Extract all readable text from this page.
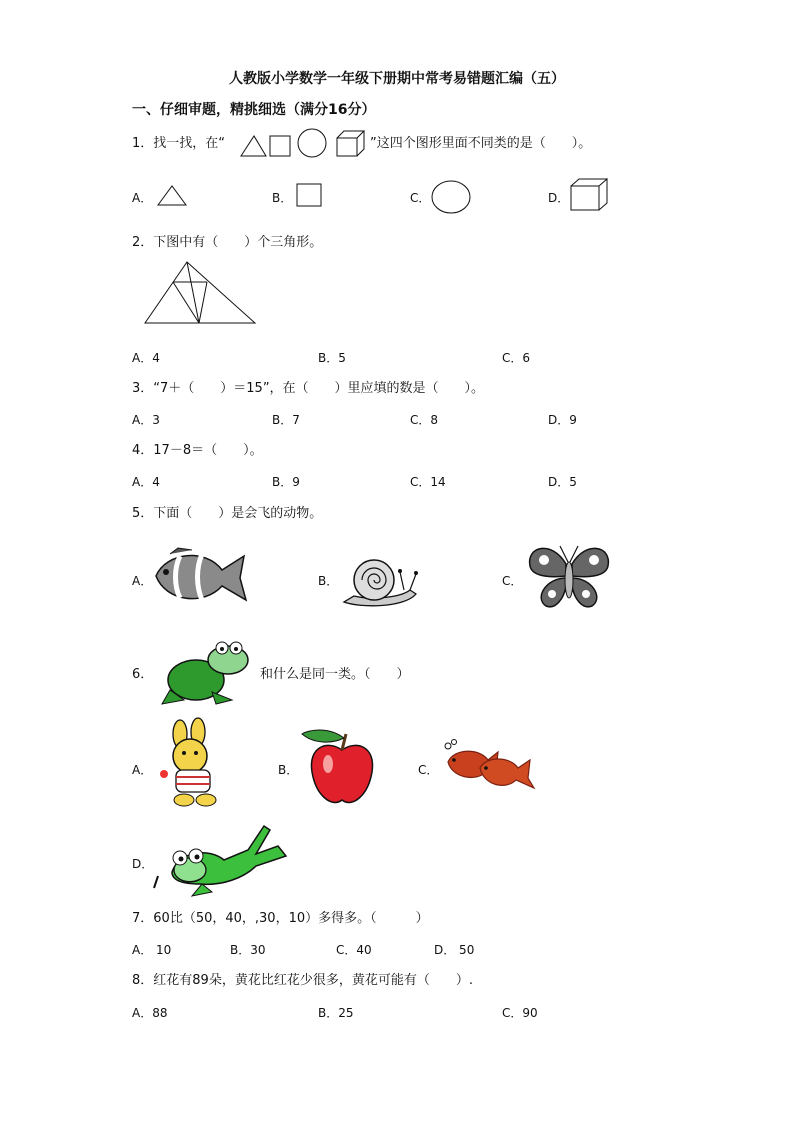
人教版小学数学一年级下册期中常考易错题汇编（五）
一、仔细审题，精挑细选（满分16分）
1．找一找，在“	”这四个图形里面不同类的是（　　）。
A．	B．	C．	D．
2．下图中有（　　）个三角形。
A．4	B．5	C．6
3．“7＋（　　）＝15”，在（　　）里应填的数是（　　）。
A．3	B．7	C．8	D．9
4．17－8＝（　　）。
A．4	B．9	C．14	D．5
5．下面（　　）是会飞的动物。
A．	B．	C．
6．	和什么是同一类。（　　）
A．	B．	C．
D．
7．60比（50，40，,30，10）多得多。（　　　）
A． 10	B．30	C．40	D． 50
8．红花有89朵，黄花比红花少很多，黄花可能有（　　）.
A．88	B．25	C．90
